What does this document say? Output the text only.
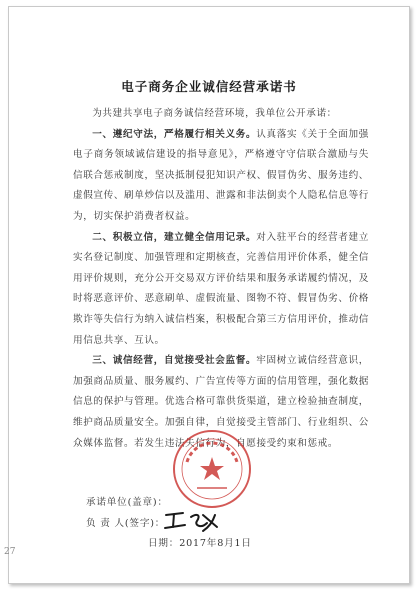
电子商务企业诚信经营承诺书

为共建共享电子商务诚信经营环境，我单位公开承诺：

一、遵纪守法，严格履行相关义务。认真落实《关于全面加强电子商务领域诚信建设的指导意见》，严格遵守守信联合激励与失信联合惩戒制度，坚决抵制侵犯知识产权、假冒伪劣、服务违约、虚假宣传、刷单炒信以及滥用、泄露和非法倒卖个人隐私信息等行为，切实保护消费者权益。

二、积极立信，建立健全信用记录。对入驻平台的经营者建立实名登记制度、加强管理和定期核查，完善信用评价体系，健全信用评价规则，充分公开交易双方评价结果和服务承诺履约情况，及时将恶意评价、恶意刷单、虚假流量、图物不符、假冒伪劣、价格欺诈等失信行为纳入诚信档案，积极配合第三方信用评价，推动信用信息共享、互认。

三、诚信经营，自觉接受社会监督。牢固树立诚信经营意识，加强商品质量、服务履约、广告宣传等方面的信用管理，强化数据信息的保护与管理。优选合格可靠供货渠道，建立检验抽查制度，维护商品质量安全。加强自律，自觉接受主管部门、行业组织、公众媒体监督。若发生违法失信行为，自愿接受约束和惩戒。

承诺单位(盖章)：
负 责 人(签字)：
日期：2017年8月1日
27
